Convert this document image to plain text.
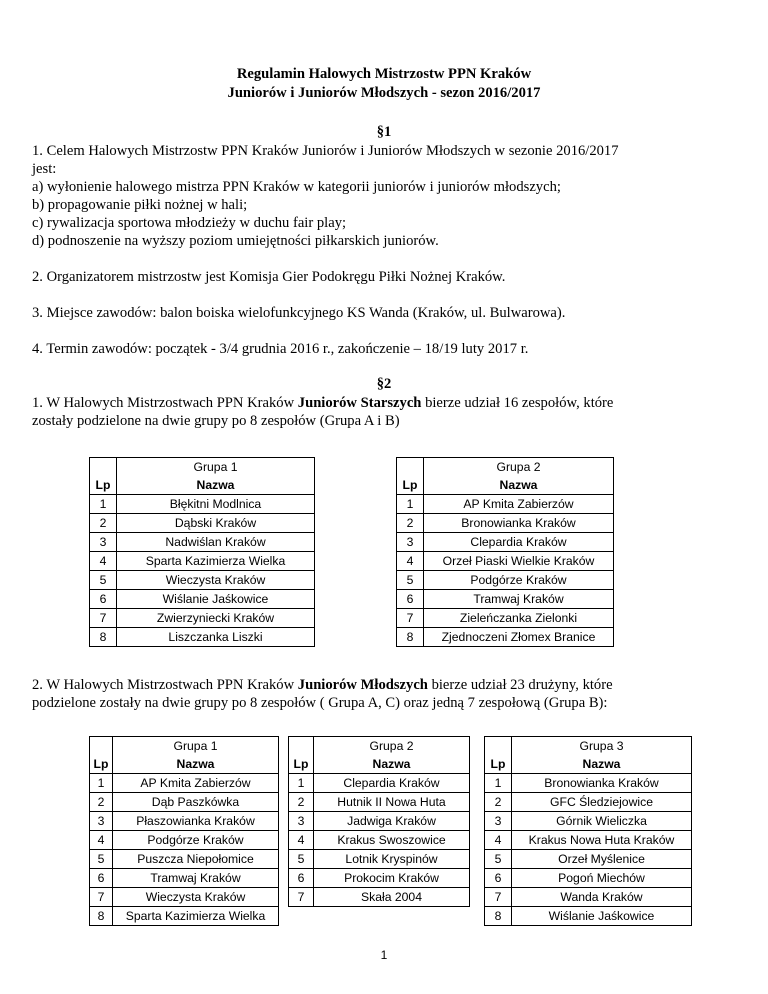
Regulamin Halowych Mistrzostw PPN Kraków
Juniorów i Juniorów Młodszych - sezon 2016/2017
§1
1. Celem Halowych Mistrzostw PPN Kraków Juniorów i Juniorów Młodszych w sezonie 2016/2017
jest:
a) wyłonienie halowego mistrza PPN Kraków w kategorii juniorów i juniorów młodszych;
b) propagowanie piłki nożnej w hali;
c) rywalizacja sportowa młodzieży w duchu fair play;
d) podnoszenie na wyższy poziom umiejętności piłkarskich juniorów.
2. Organizatorem mistrzostw jest Komisja Gier Podokręgu Piłki Nożnej Kraków.
3. Miejsce zawodów: balon boiska wielofunkcyjnego KS Wanda (Kraków, ul. Bulwarowa).
4. Termin zawodów: początek - 3/4 grudnia 2016 r., zakończenie – 18/19 luty 2017 r.
§2
1. W Halowych Mistrzostwach PPN Kraków Juniorów Starszych bierze udział 16 zespołów, które
zostały podzielone na dwie grupy po 8 zespołów (Grupa A i B)
	Grupa 1
Lp	Nazwa
1	Błękitni Modlnica
2	Dąbski Kraków
3	Nadwiślan Kraków
4	Sparta Kazimierza Wielka
5	Wieczysta Kraków
6	Wiślanie Jaśkowice
7	Zwierzyniecki Kraków
8	Liszczanka Liszki
	Grupa 2
Lp	Nazwa
1	AP Kmita Zabierzów
2	Bronowianka Kraków
3	Clepardia Kraków
4	Orzeł Piaski Wielkie Kraków
5	Podgórze Kraków
6	Tramwaj Kraków
7	Zieleńczanka Zielonki
8	Zjednoczeni Złomex Branice
2. W Halowych Mistrzostwach PPN Kraków Juniorów Młodszych bierze udział 23 drużyny, które
podzielone zostały na dwie grupy po 8 zespołów ( Grupa A, C) oraz jedną 7 zespołową (Grupa B):
	Grupa 1
Lp	Nazwa
1	AP Kmita Zabierzów
2	Dąb Paszkówka
3	Płaszowianka Kraków
4	Podgórze Kraków
5	Puszcza Niepołomice
6	Tramwaj Kraków
7	Wieczysta Kraków
8	Sparta Kazimierza Wielka
	Grupa 2
Lp	Nazwa
1	Clepardia Kraków
2	Hutnik II Nowa Huta
3	Jadwiga Kraków
4	Krakus Swoszowice
5	Lotnik Kryspinów
6	Prokocim Kraków
7	Skała 2004
	Grupa 3
Lp	Nazwa
1	Bronowianka Kraków
2	GFC Śledziejowice
3	Górnik Wieliczka
4	Krakus Nowa Huta Kraków
5	Orzeł Myślenice
6	Pogoń Miechów
7	Wanda Kraków
8	Wiślanie Jaśkowice
1
